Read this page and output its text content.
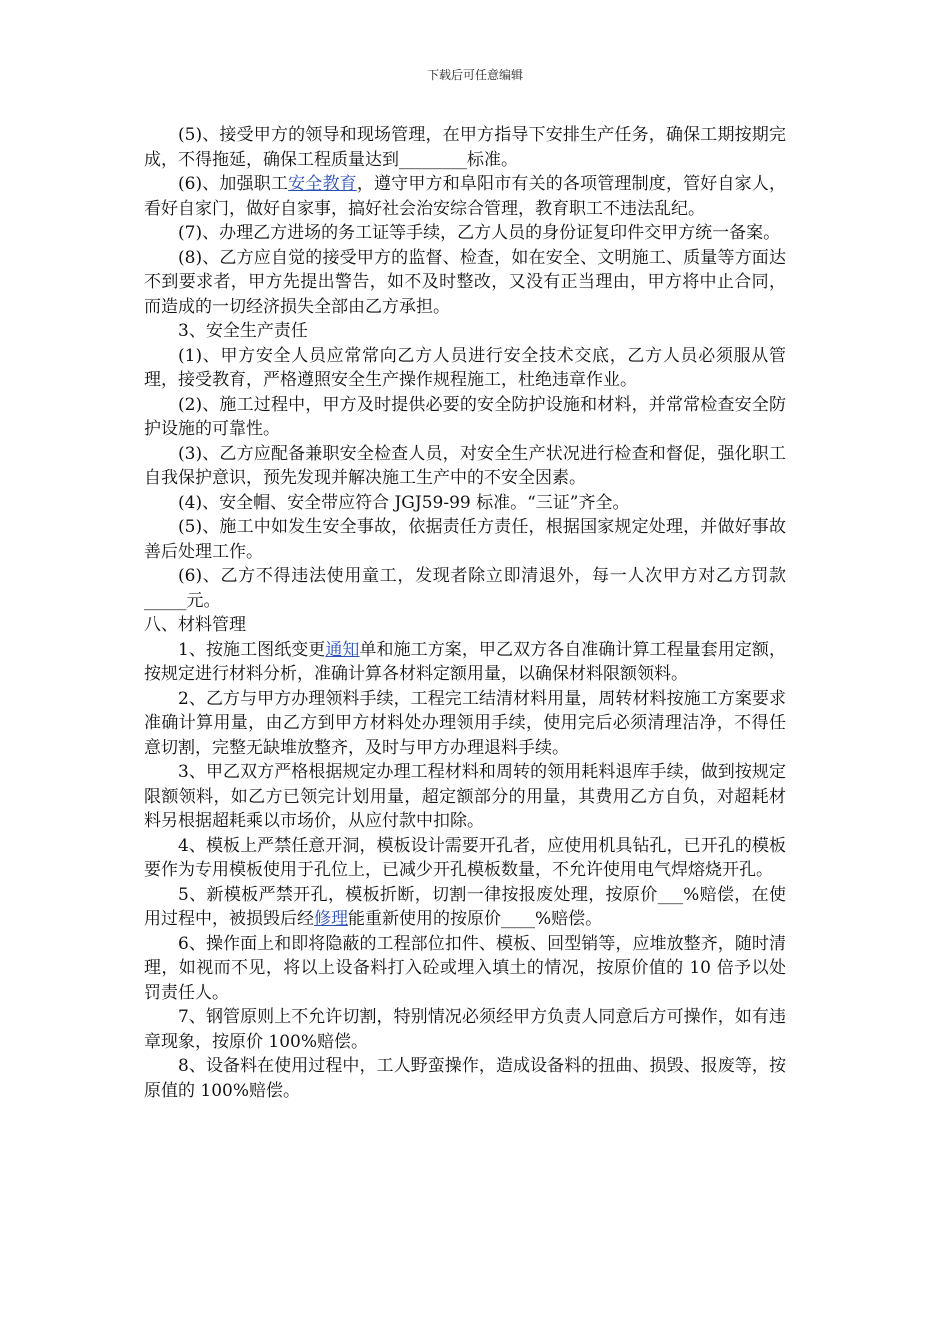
下载后可任意编辑

(5)、接受甲方的领导和现场管理，在甲方指导下安排生产任务，确保工期按期完成，不得拖延，确保工程质量达到________标准。

(6)、加强职工安全教育，遵守甲方和阜阳市有关的各项管理制度，管好自家人，看好自家门，做好自家事，搞好社会治安综合管理，教育职工不违法乱纪。

(7)、办理乙方进场的务工证等手续，乙方人员的身份证复印件交甲方统一备案。

(8)、乙方应自觉的接受甲方的监督、检查，如在安全、文明施工、质量等方面达不到要求者，甲方先提出警告，如不及时整改，又没有正当理由，甲方将中止合同，而造成的一切经济损失全部由乙方承担。

3、安全生产责任

(1)、甲方安全人员应常常向乙方人员进行安全技术交底，乙方人员必须服从管理，接受教育，严格遵照安全生产操作规程施工，杜绝违章作业。

(2)、施工过程中，甲方及时提供必要的安全防护设施和材料，并常常检查安全防护设施的可靠性。

(3)、乙方应配备兼职安全检查人员，对安全生产状况进行检查和督促，强化职工自我保护意识，预先发现并解决施工生产中的不安全因素。

(4)、安全帽、安全带应符合 JGJ59-99 标准。“三证”齐全。

(5)、施工中如发生安全事故，依据责任方责任，根据国家规定处理，并做好事故善后处理工作。

(6)、乙方不得违法使用童工，发现者除立即清退外，每一人次甲方对乙方罚款_____元。

八、材料管理

1、按施工图纸变更通知单和施工方案，甲乙双方各自准确计算工程量套用定额，按规定进行材料分析，准确计算各材料定额用量，以确保材料限额领料。

2、乙方与甲方办理领料手续，工程完工结清材料用量，周转材料按施工方案要求准确计算用量，由乙方到甲方材料处办理领用手续，使用完后必须清理洁净，不得任意切割，完整无缺堆放整齐，及时与甲方办理退料手续。

3、甲乙双方严格根据规定办理工程材料和周转的领用耗料退库手续，做到按规定限额领料，如乙方已领完计划用量，超定额部分的用量，其费用乙方自负，对超耗材料另根据超耗乘以市场价，从应付款中扣除。

4、模板上严禁任意开洞，模板设计需要开孔者，应使用机具钻孔，已开孔的模板要作为专用模板使用于孔位上，已减少开孔模板数量，不允许使用电气焊熔烧开孔。

5、新模板严禁开孔，模板折断，切割一律按报废处理，按原价___%赔偿，在使用过程中，被损毁后经修理能重新使用的按原价____%赔偿。

6、操作面上和即将隐蔽的工程部位扣件、模板、回型销等，应堆放整齐，随时清理，如视而不见，将以上设备料打入砼或埋入填土的情况，按原价值的 10 倍予以处罚责任人。

7、钢管原则上不允许切割，特别情况必须经甲方负责人同意后方可操作，如有违章现象，按原价 100%赔偿。

8、设备料在使用过程中，工人野蛮操作，造成设备料的扭曲、损毁、报废等，按原值的 100%赔偿。
